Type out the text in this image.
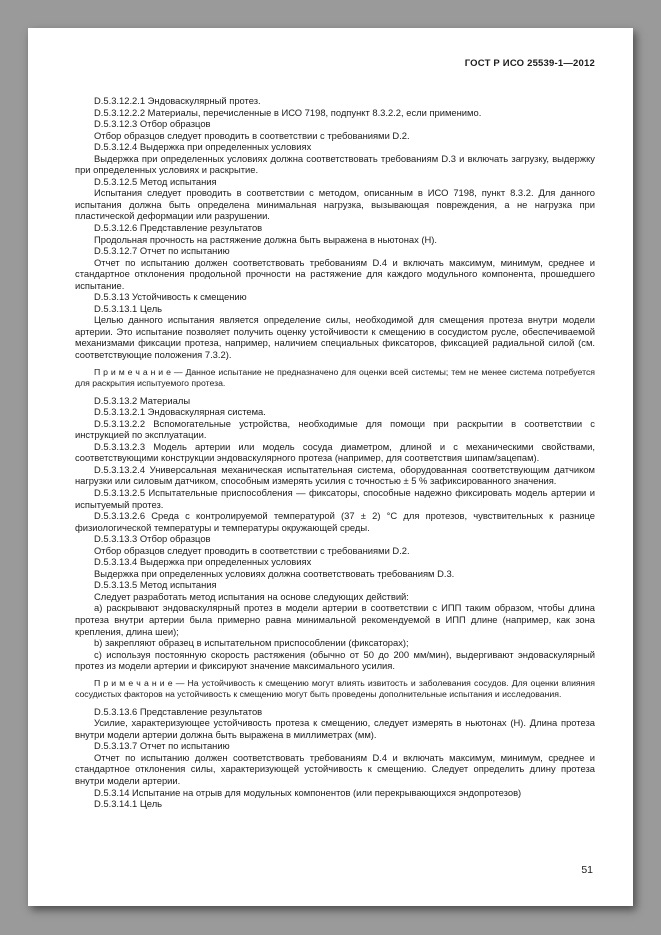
ГОСТ Р ИСО 25539-1—2012

D.5.3.12.2.1 Эндоваскулярный протез.

D.5.3.12.2.2 Материалы, перечисленные в ИСО 7198, подпункт 8.3.2.2, если применимо.

D.5.3.12.3 Отбор образцов

Отбор образцов следует проводить в соответствии с требованиями D.2.

D.5.3.12.4 Выдержка при определенных условиях

Выдержка при определенных условиях должна соответствовать требованиям D.3 и включать загрузку, выдержку при определенных условиях и раскрытие.

D.5.3.12.5 Метод испытания

Испытания следует проводить в соответствии с методом, описанным в ИСО 7198, пункт 8.3.2. Для данного испытания должна быть определена минимальная нагрузка, вызывающая повреждения, а не нагрузка при пластической деформации или разрушении.

D.5.3.12.6 Представление результатов

Продольная прочность на растяжение должна быть выражена в ньютонах (Н).

D.5.3.12.7 Отчет по испытанию

Отчет по испытанию должен соответствовать требованиям D.4 и включать максимум, минимум, среднее и стандартное отклонения продольной прочности на растяжение для каждого модульного компонента, прошедшего испытание.

D.5.3.13 Устойчивость к смещению

D.5.3.13.1 Цель

Целью данного испытания является определение силы, необходимой для смещения протеза внутри модели артерии. Это испытание позволяет получить оценку устойчивости к смещению в сосудистом русле, обеспечиваемой механизмами фиксации протеза, например, наличием специальных фиксаторов, фиксацией радиальной силой (см. соответствующие положения 7.3.2).

П р и м е ч а н и е — Данное испытание не предназначено для оценки всей системы; тем не менее система потребуется для раскрытия испытуемого протеза.

D.5.3.13.2 Материалы

D.5.3.13.2.1 Эндоваскулярная система.

D.5.3.13.2.2 Вспомогательные устройства, необходимые для помощи при раскрытии в соответствии с инструкцией по эксплуатации.

D.5.3.13.2.3 Модель артерии или модель сосуда диаметром, длиной и с механическими свойствами, соответствующими конструкции эндоваскулярного протеза (например, для соответствия шипам/зацепам).

D.5.3.13.2.4 Универсальная механическая испытательная система, оборудованная соответствующим датчиком нагрузки или силовым датчиком, способным измерять усилия с точностью ± 5 % зафиксированного значения.

D.5.3.13.2.5 Испытательные приспособления — фиксаторы, способные надежно фиксировать модель артерии и испытуемый протез.

D.5.3.13.2.6 Среда с контролируемой температурой (37 ± 2) °С для протезов, чувствительных к разнице физиологической температуры и температуры окружающей среды.

D.5.3.13.3 Отбор образцов

Отбор образцов следует проводить в соответствии с требованиями D.2.

D.5.3.13.4 Выдержка при определенных условиях

Выдержка при определенных условиях должна соответствовать требованиям D.3.

D.5.3.13.5 Метод испытания

Следует разработать метод испытания на основе следующих действий:

a) раскрывают эндоваскулярный протез в модели артерии в соответствии с ИПП таким образом, чтобы длина протеза внутри артерии была примерно равна минимальной рекомендуемой в ИПП длине (например, как зона крепления, длина шеи);

b) закрепляют образец в испытательном приспособлении (фиксаторах);

c) используя постоянную скорость растяжения (обычно от 50 до 200 мм/мин), выдергивают эндоваскулярный протез из модели артерии и фиксируют значение максимального усилия.

П р и м е ч а н и е — На устойчивость к смещению могут влиять извитость и заболевания сосудов. Для оценки влияния сосудистых факторов на устойчивость к смещению могут быть проведены дополнительные испытания и исследования.

D.5.3.13.6 Представление результатов

Усилие, характеризующее устойчивость протеза к смещению, следует измерять в ньютонах (Н). Длина протеза внутри модели артерии должна быть выражена в миллиметрах (мм).

D.5.3.13.7 Отчет по испытанию

Отчет по испытанию должен соответствовать требованиям D.4 и включать максимум, минимум, среднее и стандартное отклонения силы, характеризующей устойчивость к смещению. Следует определить длину протеза внутри модели артерии.

D.5.3.14 Испытание на отрыв для модульных компонентов (или перекрывающихся эндопротезов)

D.5.3.14.1 Цель

51
